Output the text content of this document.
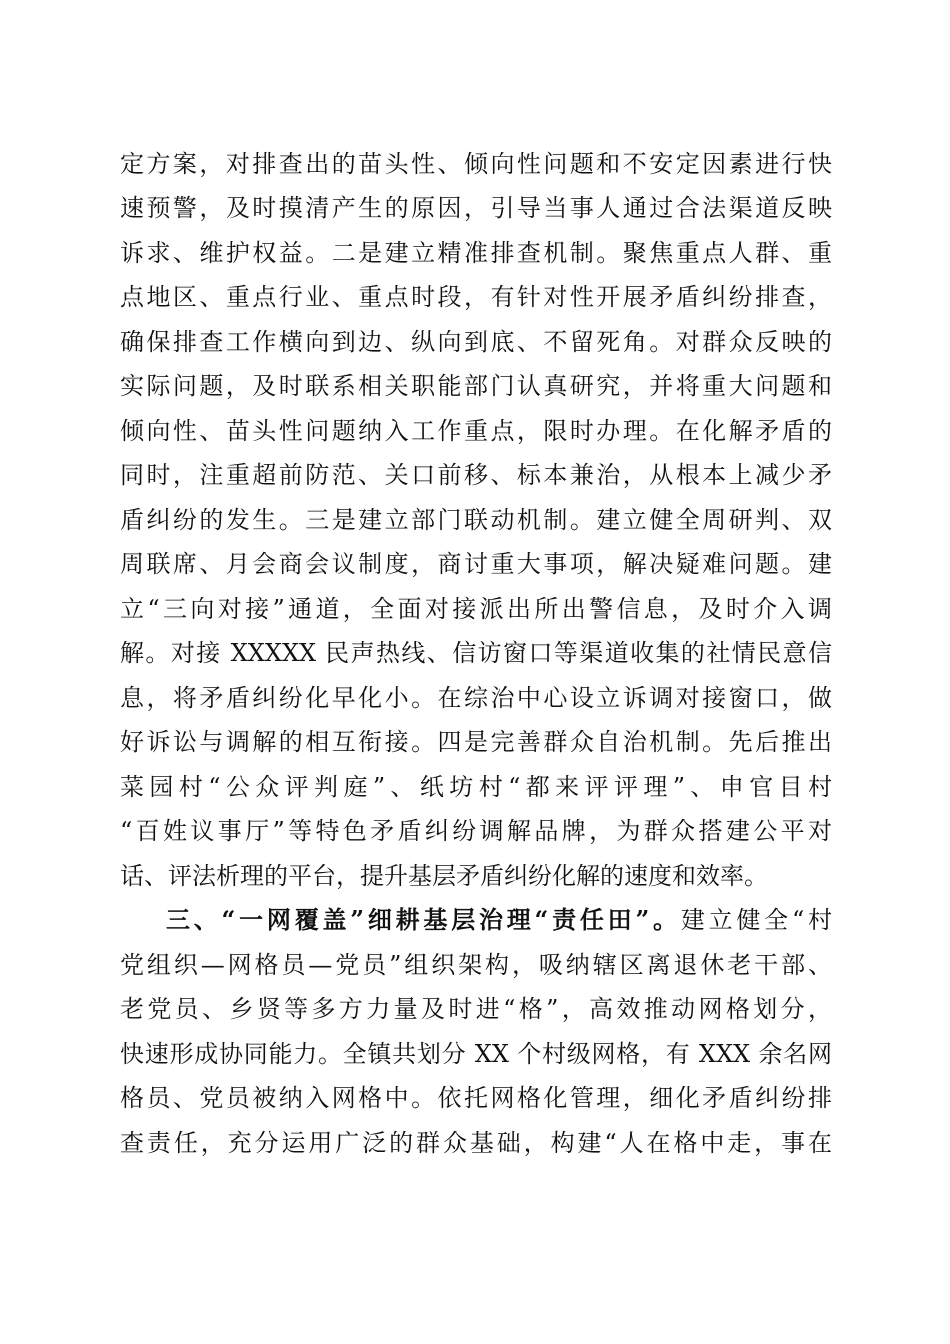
定方案，对排查出的苗头性、倾向性问题和不安定因素进行快
速预警，及时摸清产生的原因，引导当事人通过合法渠道反映
诉求、维护权益。二是建立精准排查机制。聚焦重点人群、重
点地区、重点行业、重点时段，有针对性开展矛盾纠纷排查，
确保排查工作横向到边、纵向到底、不留死角。对群众反映的
实际问题，及时联系相关职能部门认真研究，并将重大问题和
倾向性、苗头性问题纳入工作重点，限时办理。在化解矛盾的
同时，注重超前防范、关口前移、标本兼治，从根本上减少矛
盾纠纷的发生。三是建立部门联动机制。建立健全周研判、双
周联席、月会商会议制度，商讨重大事项，解决疑难问题。建
立“三向对接”通道，全面对接派出所出警信息，及时介入调
解。对接 XXXXX 民声热线、信访窗口等渠道收集的社情民意信
息，将矛盾纠纷化早化小。在综治中心设立诉调对接窗口，做
好诉讼与调解的相互衔接。四是完善群众自治机制。先后推出
菜园村“公众评判庭”、纸坊村“都来评评理”、申官目村
“百姓议事厅”等特色矛盾纠纷调解品牌，为群众搭建公平对
话、评法析理的平台，提升基层矛盾纠纷化解的速度和效率。
三、“一网覆盖”细耕基层治理“责任田”。建立健全“村
党组织—网格员—党员”组织架构，吸纳辖区离退休老干部、
老党员、乡贤等多方力量及时进“格”，高效推动网格划分，
快速形成协同能力。全镇共划分 XX 个村级网格，有 XXX 余名网
格员、党员被纳入网格中。依托网格化管理，细化矛盾纠纷排
查责任，充分运用广泛的群众基础，构建“人在格中走，事在
